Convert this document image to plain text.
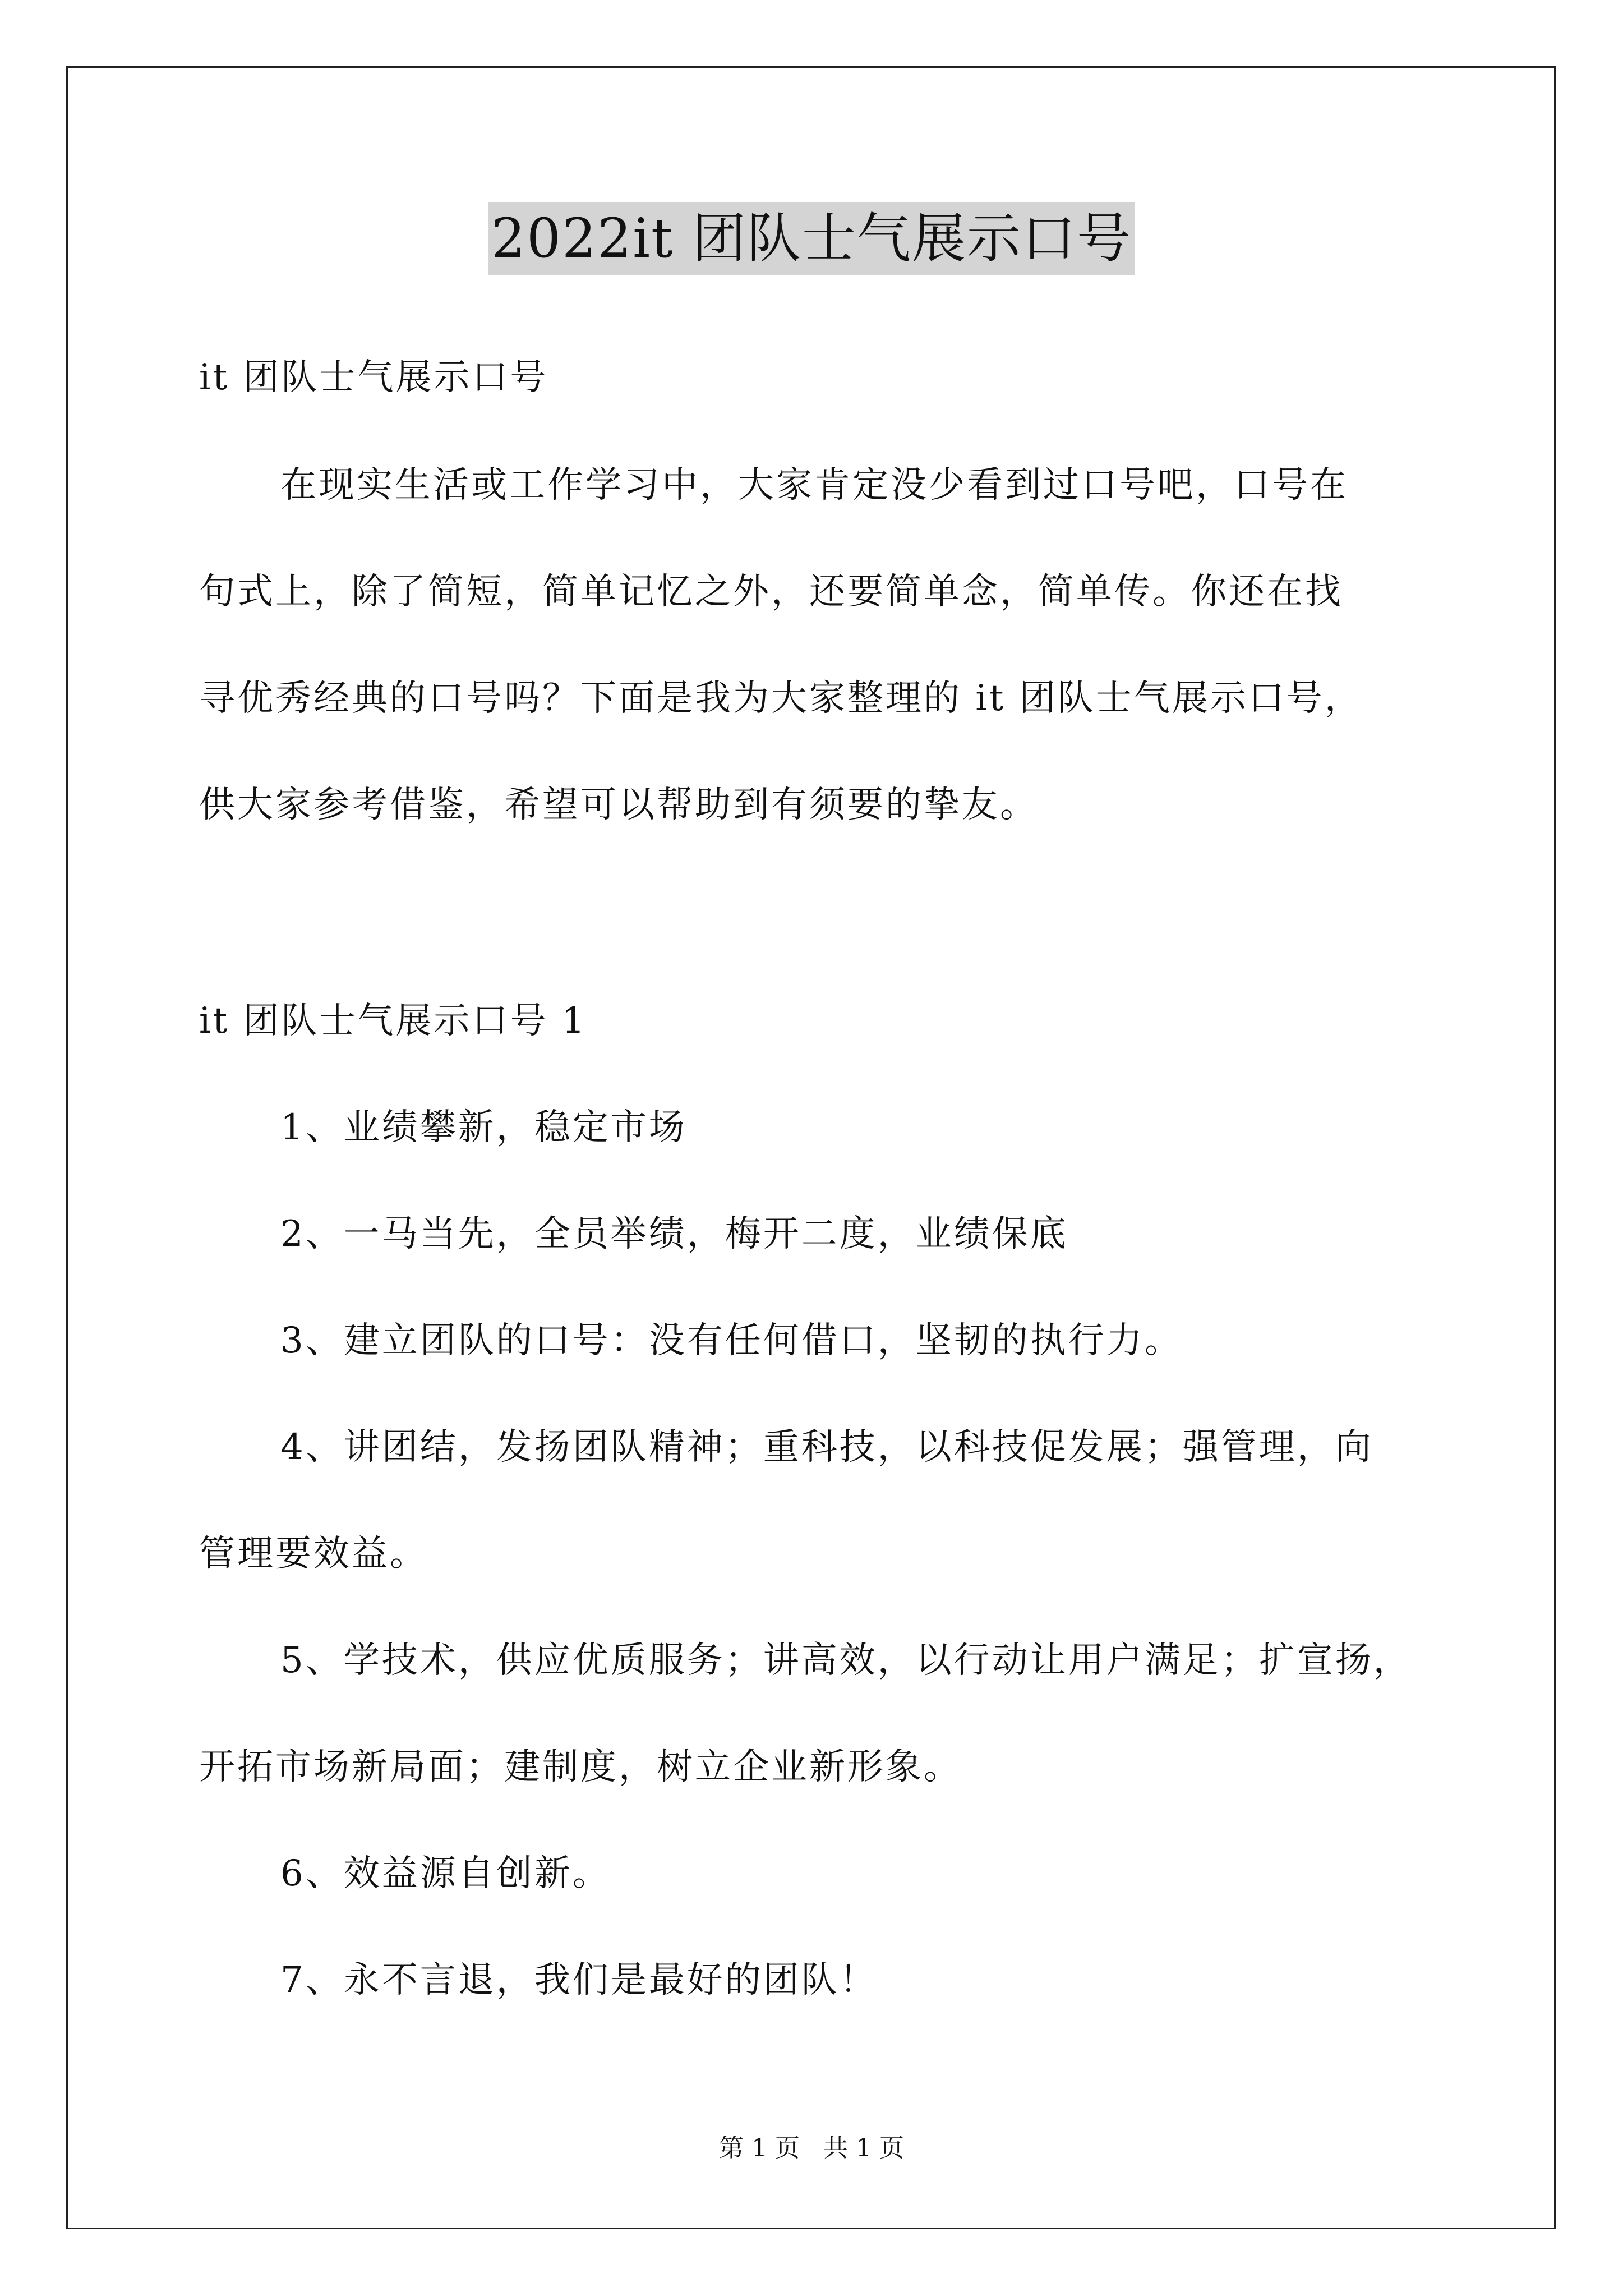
2022it 团队士气展示口号
it 团队士气展示口号
在现实生活或工作学习中，大家肯定没少看到过口号吧，口号在
句式上，除了简短，简单记忆之外，还要简单念，简单传。你还在找
寻优秀经典的口号吗？下面是我为大家整理的 it 团队士气展示口号，
供大家参考借鉴，希望可以帮助到有须要的挚友。
it 团队士气展示口号 1
1、业绩攀新，稳定市场
2、一马当先，全员举绩，梅开二度，业绩保底
3、建立团队的口号：没有任何借口，坚韧的执行力。
4、讲团结，发扬团队精神；重科技，以科技促发展；强管理，向
管理要效益。
5、学技术，供应优质服务；讲高效，以行动让用户满足；扩宣扬，
开拓市场新局面；建制度，树立企业新形象。
6、效益源自创新。
7、永不言退，我们是最好的团队！
第 1 页   共 1 页
